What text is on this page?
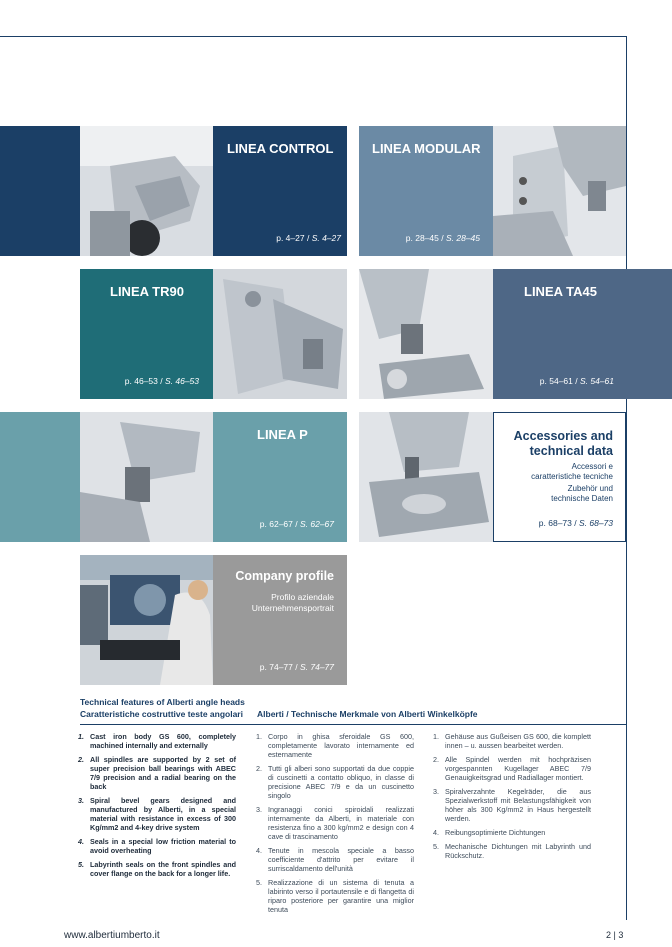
LINEA CONTROL
p. 4–27 / S. 4–27
LINEA MODULAR
p. 28–45 / S. 28–45
LINEA TR90
p. 46–53 / S. 46–53
LINEA TA45
p. 54–61 / S. 54–61
LINEA P
p. 62–67 / S. 62–67
Accessories and
technical data
Accessori e
caratteristiche tecniche
Zubehör und
technische Daten
p. 68–73 / S. 68–73
Company profile
Profilo aziendale
Unternehmensportrait
p. 74–77 / S. 74–77
Technical features of Alberti angle heads
Caratteristiche costruttive teste angolari Alberti / Technische Merkmale von Alberti Winkelköpfe
1. Cast iron body GS 600, completely machined internally and externally
2. All spindles are supported by 2 set of super precision ball bearings with ABEC 7/9 precision and a radial bearing on the back
3. Spiral bevel gears designed and manufactured by Alberti, in a special material with resistance in excess of 300 Kg/mm2 and 4-key drive system
4. Seals in a special low friction material to avoid overheating
5. Labyrinth seals on the front spindles and cover flange on the back for a longer life.
1. Corpo in ghisa sferoidale GS 600, completamente lavorato internamente ed esternamente
2. Tutti gli alberi sono supportati da due coppie di cuscinetti a contatto obliquo, in classe di precisione ABEC 7/9 e da un cuscinetto singolo
3. Ingranaggi conici spiroidali realizzati internamente da Alberti, in materiale con resistenza fino a 300 kg/mm2 e design con 4 cave di trascinamento
4. Tenute in mescola speciale a basso coefficiente d'attrito per evitare il surriscaldamento dell'unità
5. Realizzazione di un sistema di tenuta a labirinto verso il portautensile e di flangetta di riparo posteriore per garantire una miglior tenuta
1. Gehäuse aus Gußeisen GS 600, die komplett innen – u. aussen bearbeitet werden.
2. Alle Spindel werden mit hochpräzisen vorgespannten Kugellager ABEC 7/9 Genauigkeitsgrad und Radiallager montiert.
3. Spiralverzahnte Kegelräder, die aus Spezialwerkstoff mit Belastungsfähigkeit von höher als 300 Kg/mm2 in Haus hergestellt werden.
4. Reibungsoptimierte Dichtungen
5. Mechanische Dichtungen mit Labyrinth und Rückschutz.
www.albertiumberto.it	2 | 3
